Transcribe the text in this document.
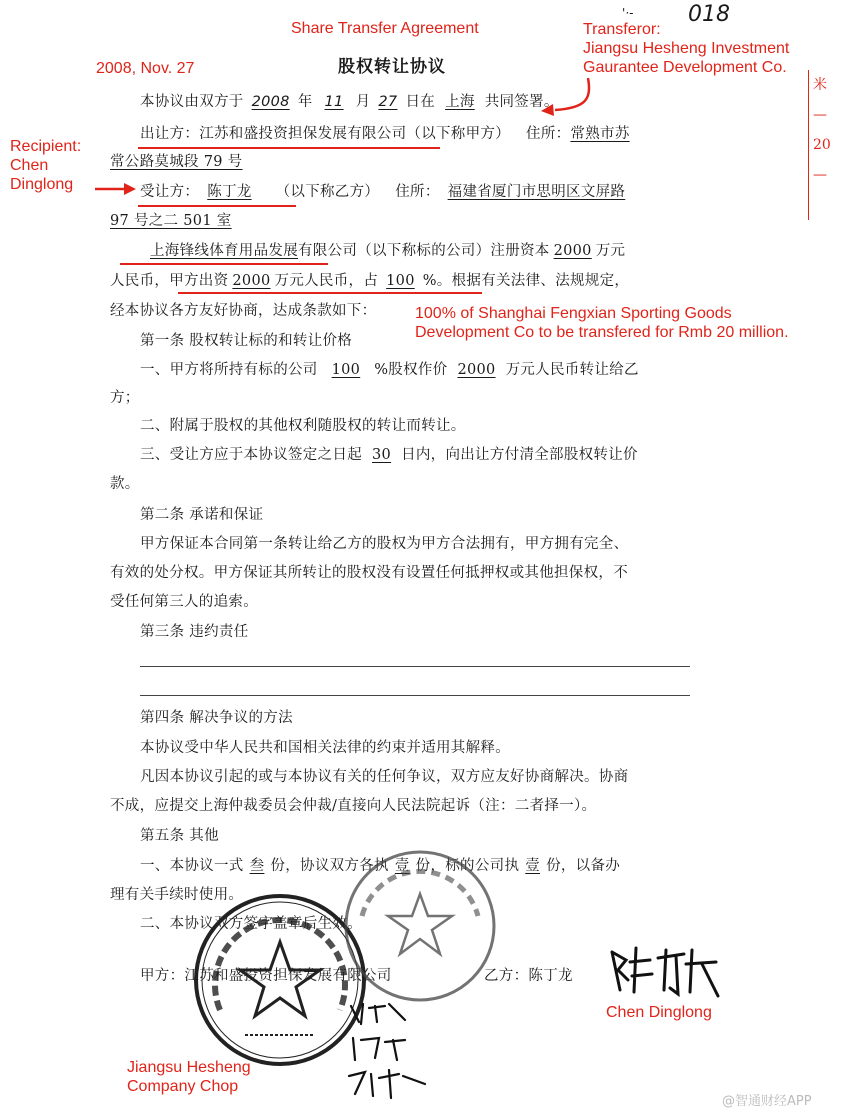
Share Transfer Agreement
2008, Nov. 27
Transferor:
Jiangsu Hesheng Investment
Gaurantee Development Co.
Recipient:
Chen
Dinglong
100% of Shanghai Fengxian Sporting Goods
Development Co to be transfered for Rmb 20 million.
Chen Dinglong
Jiangsu Hesheng
Company Chop
'·- 018
米
—
20
—
股权转让协议
本协议由双方于 2008 年 11 月 27 日在 上海 共同签署。
出让方：江苏和盛投资担保发展有限公司（以下称甲方） 住所：常熟市苏
常公路莫城段 79 号
受让方： 陈丁龙 （以下称乙方） 住所： 福建省厦门市思明区文屏路
97 号之二 501 室
上海锋线体育用品发展有限公司（以下称标的公司）注册资本 2000 万元
人民币，甲方出资 2000 万元人民币，占 100 %。根据有关法律、法规规定，
经本协议各方友好协商，达成条款如下：
第一条 股权转让标的和转让价格
一、甲方将所持有标的公司 100 %股权作价 2000 万元人民币转让给乙
方；
二、附属于股权的其他权利随股权的转让而转让。
三、受让方应于本协议签定之日起 30 日内，向出让方付清全部股权转让价
款。
第二条 承诺和保证
甲方保证本合同第一条转让给乙方的股权为甲方合法拥有，甲方拥有完全、
有效的处分权。甲方保证其所转让的股权没有设置任何抵押权或其他担保权，不
受任何第三人的追索。
第三条 违约责任
第四条 解决争议的方法
本协议受中华人民共和国相关法律的约束并适用其解释。
凡因本协议引起的或与本协议有关的任何争议，双方应友好协商解决。协商
不成，应提交上海仲裁委员会仲裁/直接向人民法院起诉（注：二者择一）。
第五条 其他
一、本协议一式 叁 份，协议双方各执 壹 份，标的公司执 壹 份，以备办
理有关手续时使用。
二、本协议双方签字盖章后生效。
甲方：江苏和盛投资担保发展有限公司	乙方：陈丁龙
@智通财经APP
